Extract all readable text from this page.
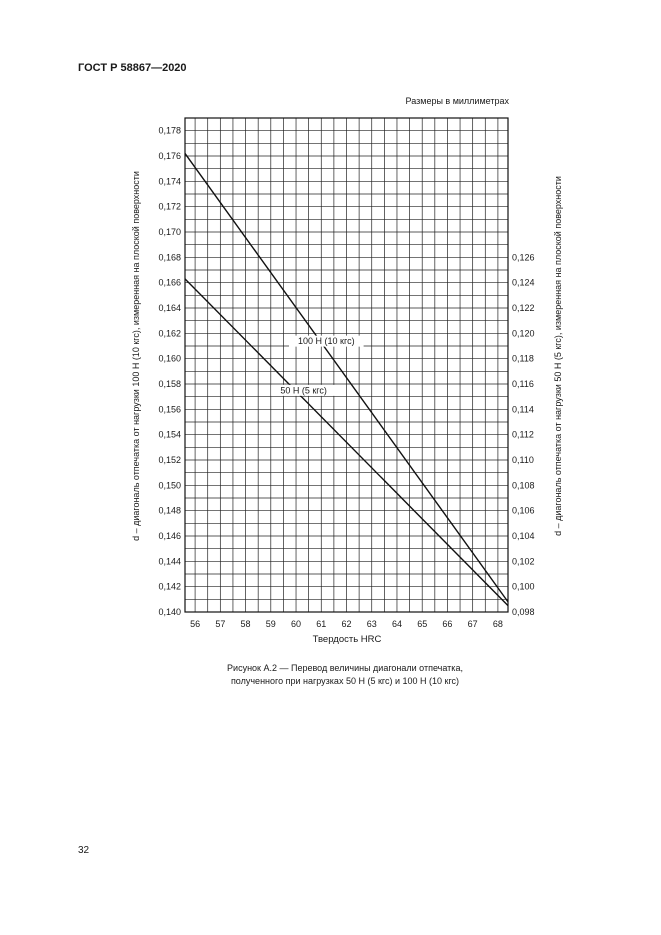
ГОСТ Р 58867—2020
Размеры в миллиметрах
100 Н (10 кгс)
50 Н (5 кгс)
56 57 58 59 60 61 62 63 64 65 66 67 68
0,140
0,142
0,144
0,146
0,148
0,150
0,152
0,154
0,156
0,158
0,160
0,162
0,164
0,166
0,168
0,170
0,172
0,174
0,176
0,178
0,098
0,100
0,102
0,104
0,106
0,108
0,110
0,112
0,114
0,116
0,118
0,120
0,122
0,124
0,126
Твердость HRC
d – диагональ отпечатка от нагрузки 100 Н (10 кгс), измеренная на плоской поверхности	d – диагональ отпечатка от нагрузки 50 Н (5 кгс), измеренная на плоской поверхности
Рисунок А.2 — Перевод величины диагонали отпечатка,
полученного при нагрузках 50 Н (5 кгс) и 100 Н (10 кгс)
32
